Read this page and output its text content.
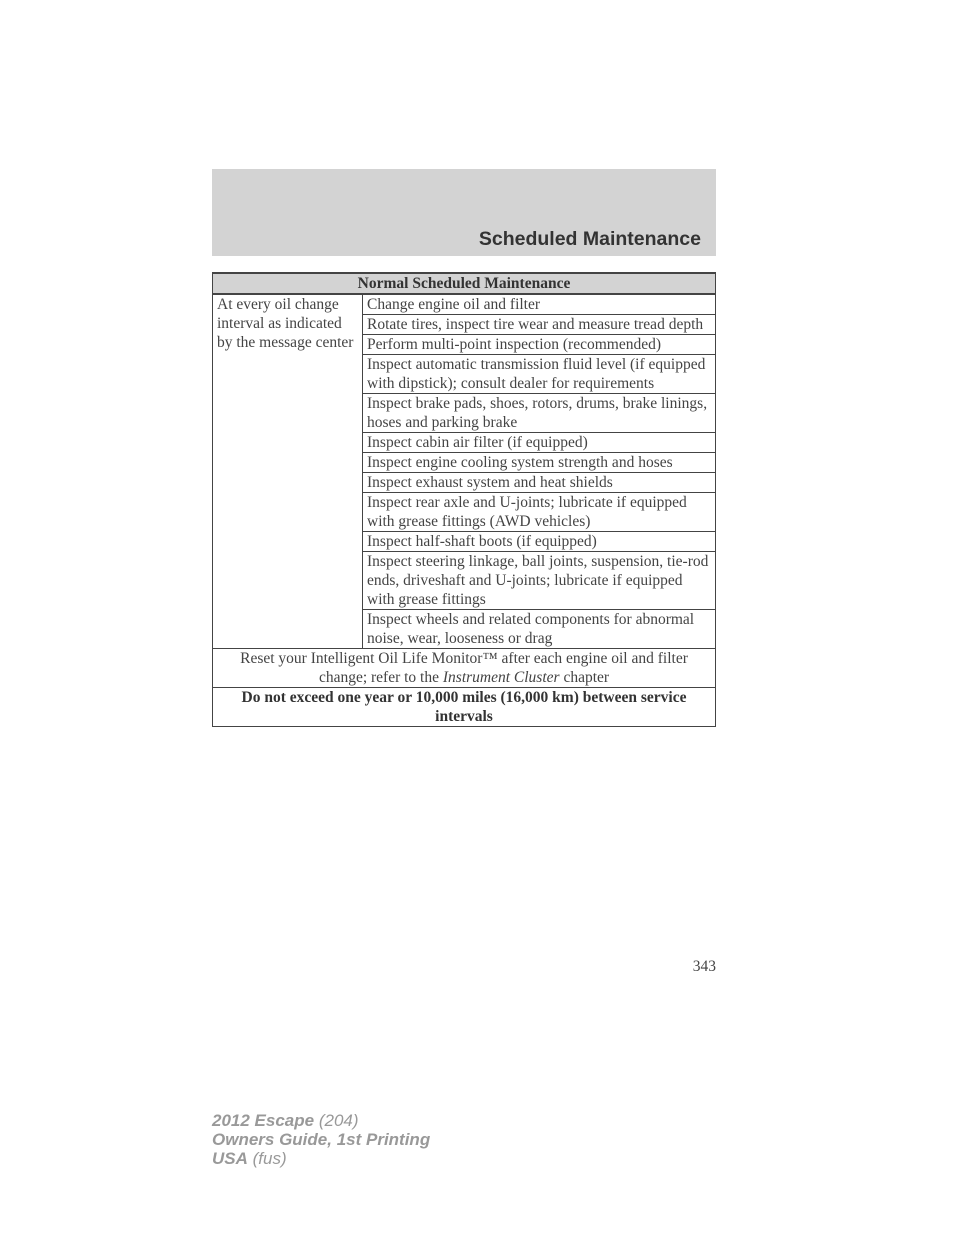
Scheduled Maintenance
Normal Scheduled Maintenance
At every oil change interval as indicated by the message center	Change engine oil and filter
Rotate tires, inspect tire wear and measure tread depth
Perform multi-point inspection (recommended)
Inspect automatic transmission fluid level (if equipped with dipstick); consult dealer for requirements
Inspect brake pads, shoes, rotors, drums, brake linings, hoses and parking brake
Inspect cabin air filter (if equipped)
Inspect engine cooling system strength and hoses
Inspect exhaust system and heat shields
Inspect rear axle and U-joints; lubricate if equipped with grease fittings (AWD vehicles)
Inspect half-shaft boots (if equipped)
Inspect steering linkage, ball joints, suspension, tie-rod ends, driveshaft and U-joints; lubricate if equipped with grease fittings
Inspect wheels and related components for abnormal noise, wear, looseness or drag
Reset your Intelligent Oil Life Monitor™ after each engine oil and filter change; refer to the Instrument Cluster chapter
Do not exceed one year or 10,000 miles (16,000 km) between service intervals
343
2012 Escape (204)
Owners Guide, 1st Printing
USA (fus)
